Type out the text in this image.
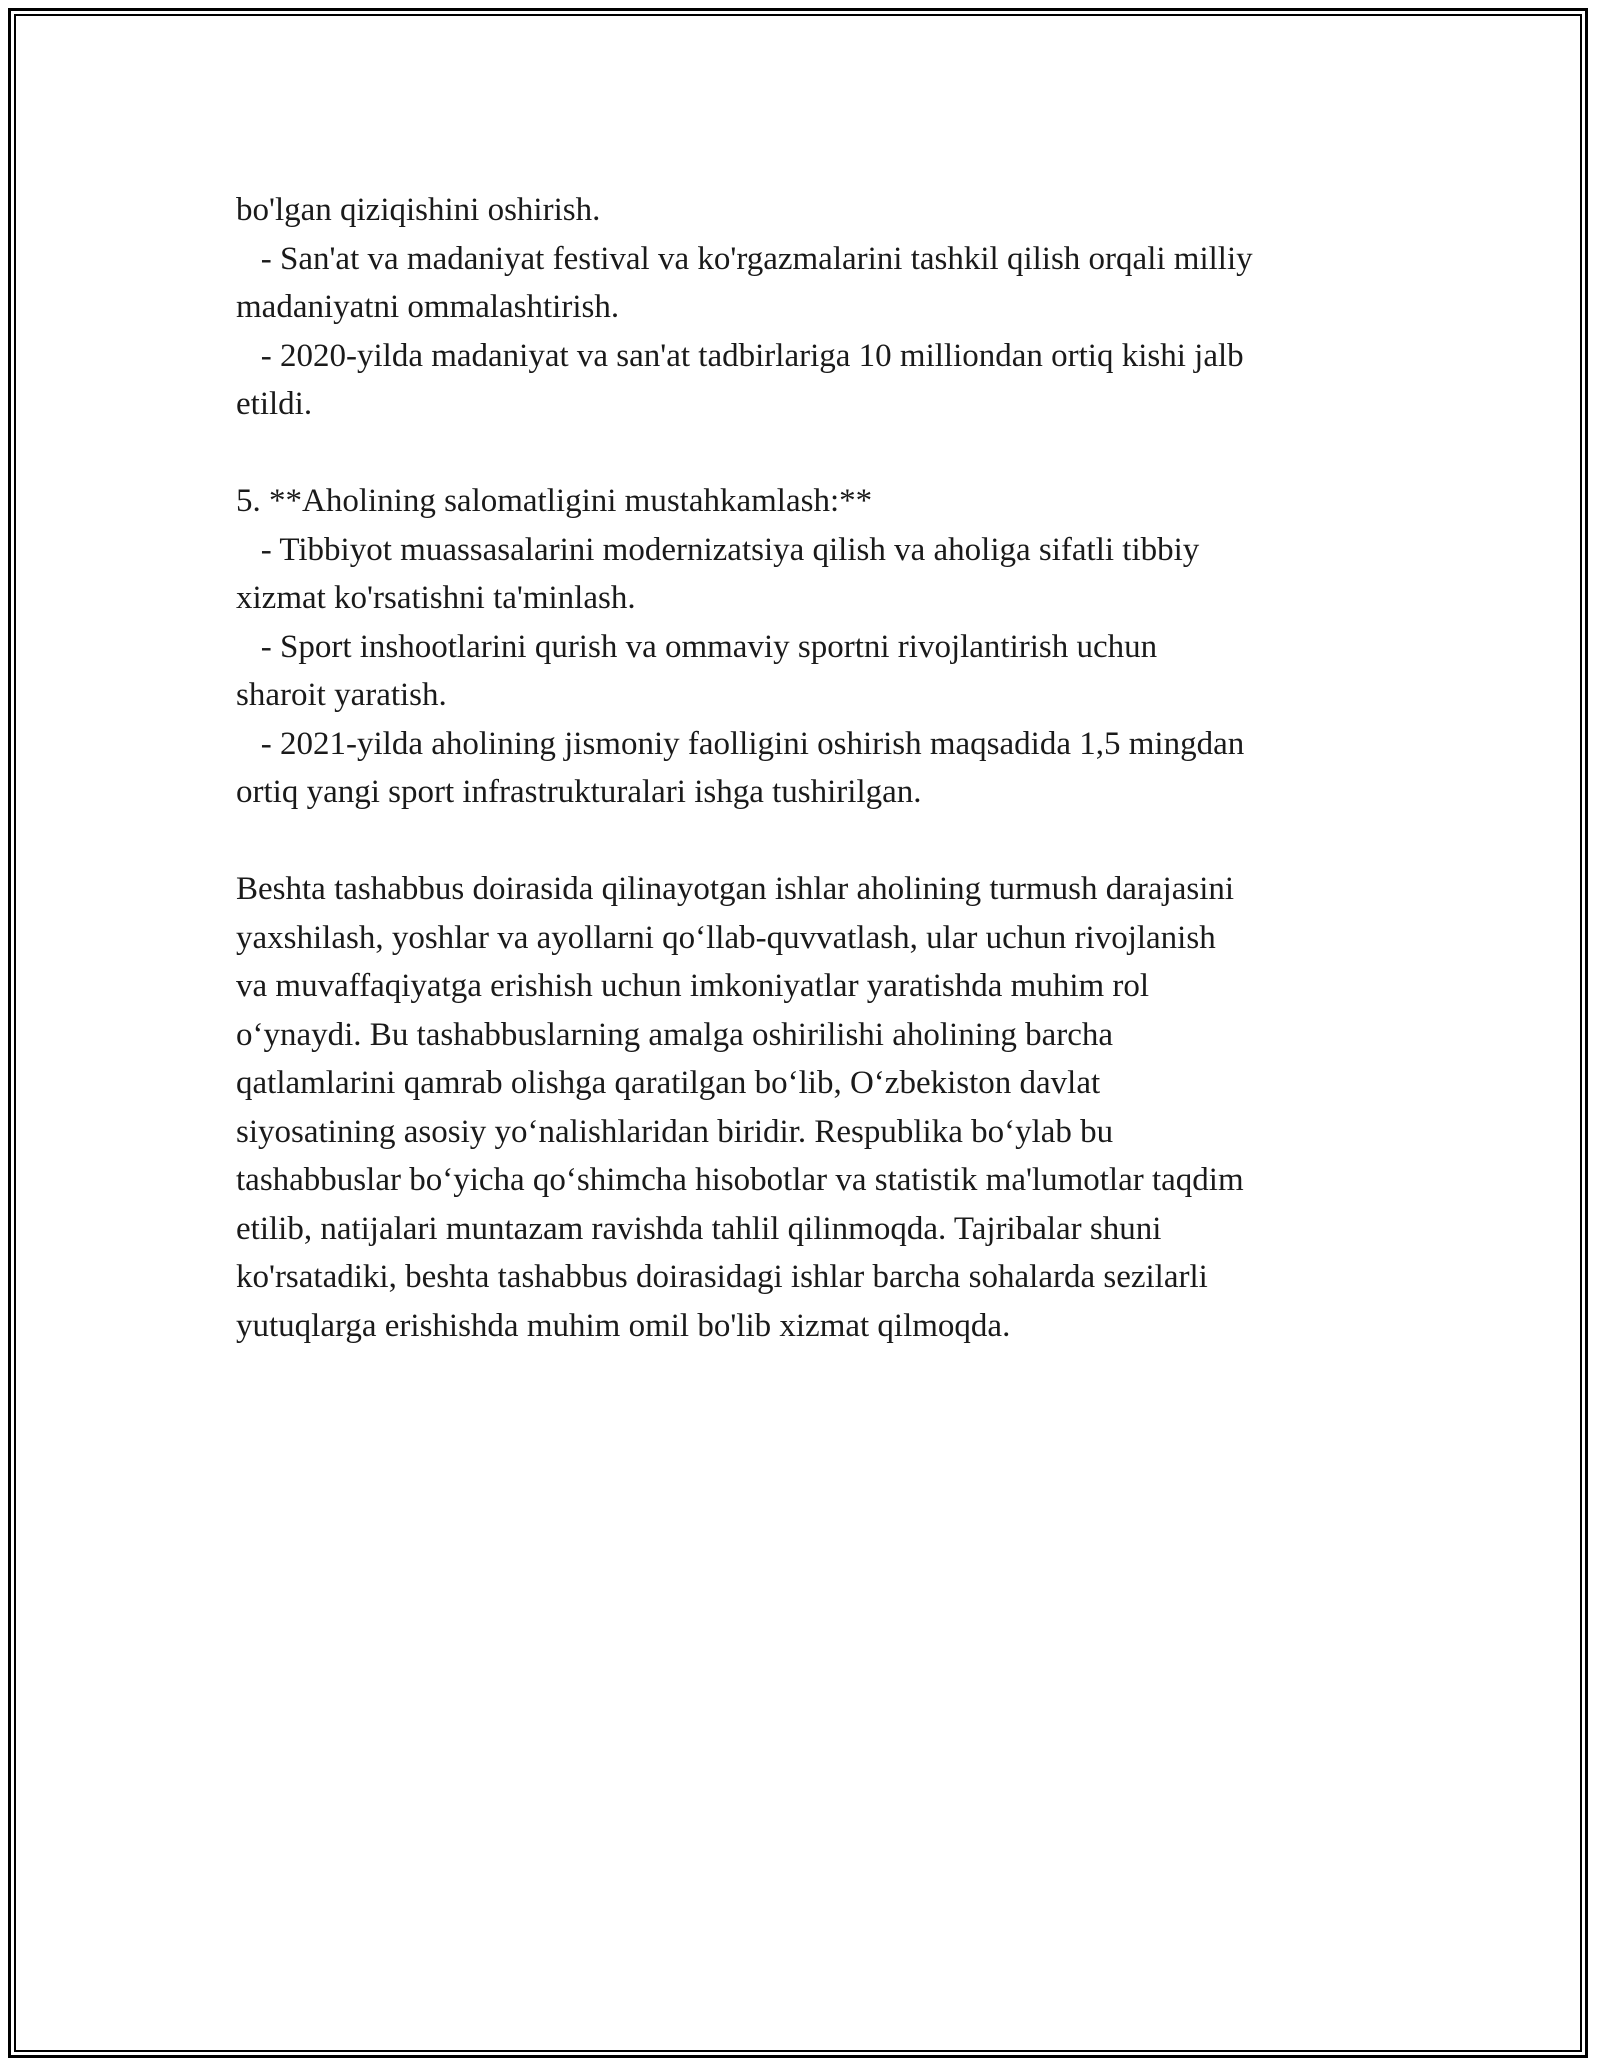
bo'lgan qiziqishini oshirish.
- San'at va madaniyat festival va ko'rgazmalarini tashkil qilish orqali milliy
madaniyatni ommalashtirish.
- 2020-yilda madaniyat va san'at tadbirlariga 10 milliondan ortiq kishi jalb
etildi.
5. **Aholining salomatligini mustahkamlash:**
- Tibbiyot muassasalarini modernizatsiya qilish va aholiga sifatli tibbiy
xizmat ko'rsatishni ta'minlash.
- Sport inshootlarini qurish va ommaviy sportni rivojlantirish uchun
sharoit yaratish.
- 2021-yilda aholining jismoniy faolligini oshirish maqsadida 1,5 mingdan
ortiq yangi sport infrastrukturalari ishga tushirilgan.
Beshta tashabbus doirasida qilinayotgan ishlar aholining turmush darajasini
yaxshilash, yoshlar va ayollarni qo‘llab-quvvatlash, ular uchun rivojlanish
va muvaffaqiyatga erishish uchun imkoniyatlar yaratishda muhim rol
o‘ynaydi. Bu tashabbuslarning amalga oshirilishi aholining barcha
qatlamlarini qamrab olishga qaratilgan bo‘lib, O‘zbekiston davlat
siyosatining asosiy yo‘nalishlaridan biridir. Respublika bo‘ylab bu
tashabbuslar bo‘yicha qo‘shimcha hisobotlar va statistik ma'lumotlar taqdim
etilib, natijalari muntazam ravishda tahlil qilinmoqda. Tajribalar shuni
ko'rsatadiki, beshta tashabbus doirasidagi ishlar barcha sohalarda sezilarli
yutuqlarga erishishda muhim omil bo'lib xizmat qilmoqda.
